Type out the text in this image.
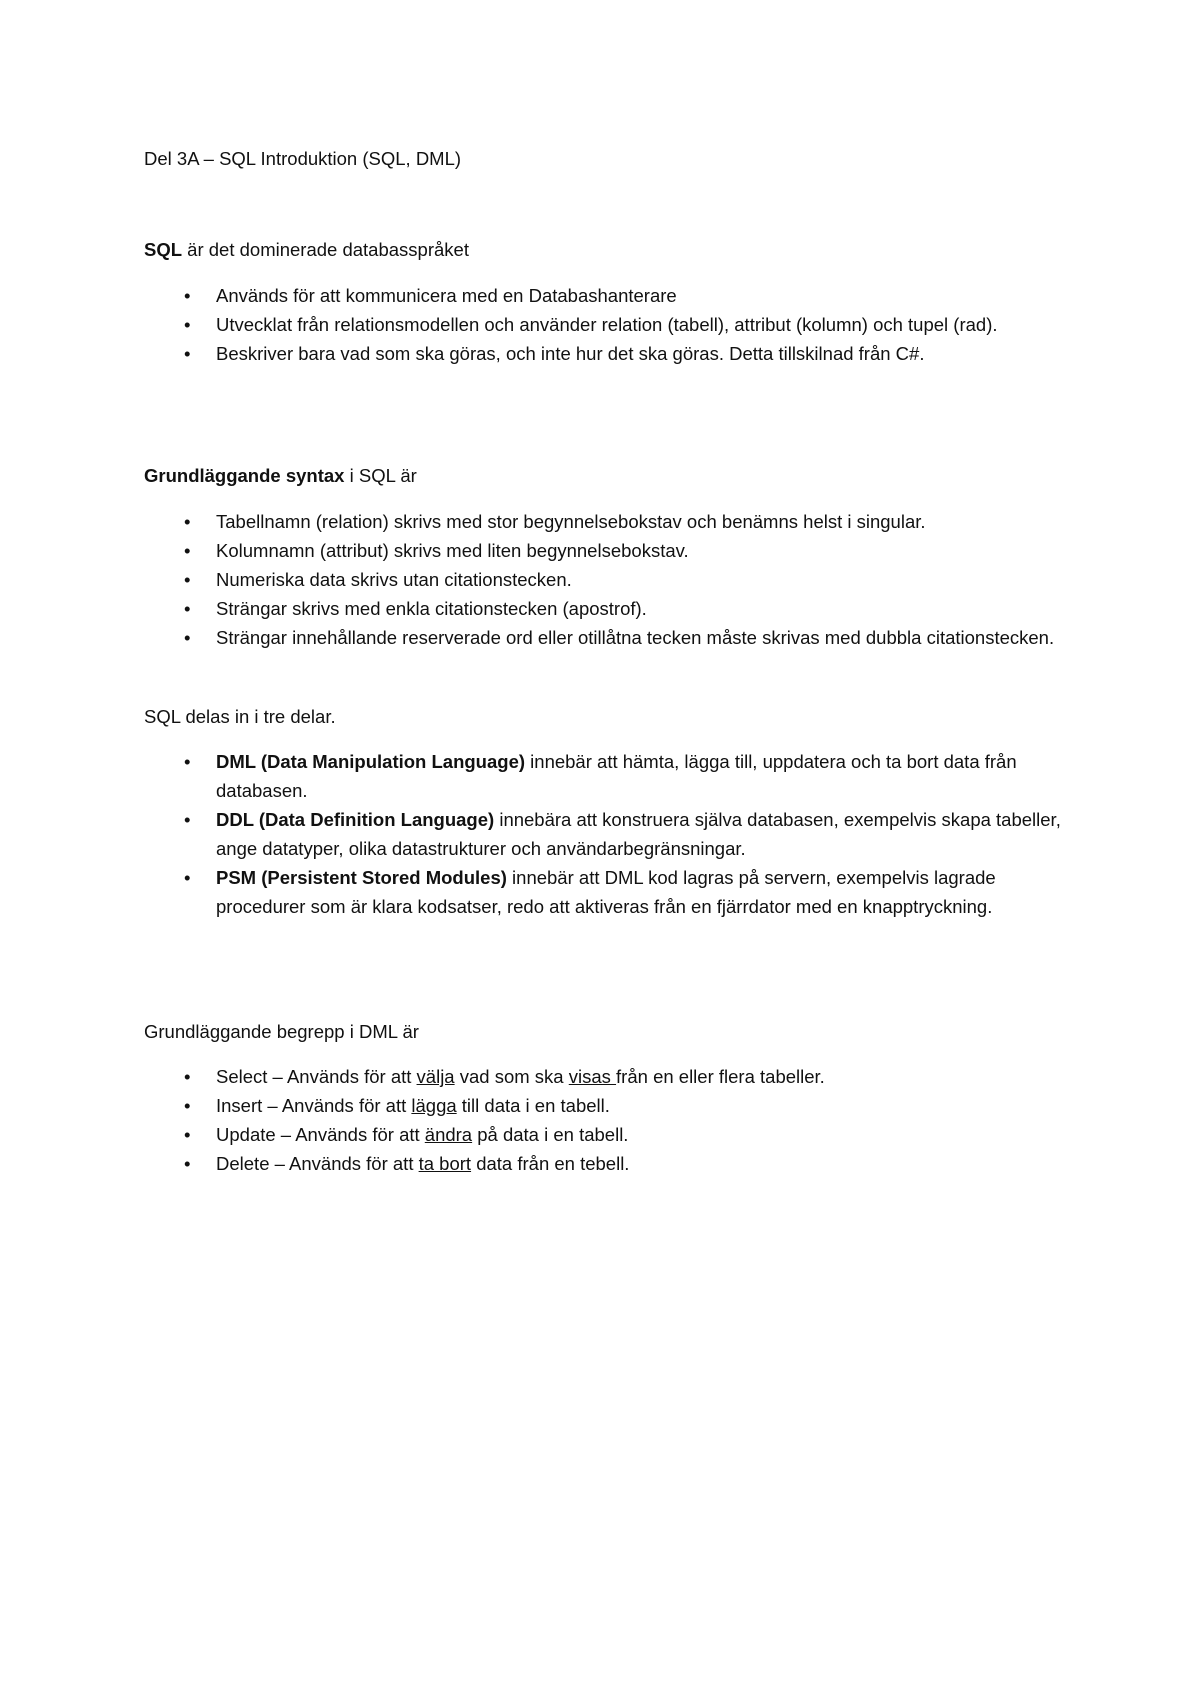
Del 3A – SQL Introduktion (SQL, DML)

SQL är det dominerade databasspråket

• Används för att kommunicera med en Databashanterare
• Utvecklat från relationsmodellen och använder relation (tabell), attribut (kolumn) och tupel (rad).
• Beskriver bara vad som ska göras, och inte hur det ska göras. Detta tillskilnad från C#.

Grundläggande syntax i SQL är

• Tabellnamn (relation) skrivs med stor begynnelsebokstav och benämns helst i singular.
• Kolumnamn (attribut) skrivs med liten begynnelsebokstav.
• Numeriska data skrivs utan citationstecken.
• Strängar skrivs med enkla citationstecken (apostrof).
• Strängar innehållande reserverade ord eller otillåtna tecken måste skrivas med dubbla citationstecken.

SQL delas in i tre delar.

• DML (Data Manipulation Language) innebär att hämta, lägga till, uppdatera och ta bort data från databasen.
• DDL (Data Definition Language) innebära att konstruera själva databasen, exempelvis skapa tabeller, ange datatyper, olika datastrukturer och användarbegränsningar.
• PSM (Persistent Stored Modules) innebär att DML kod lagras på servern, exempelvis lagrade procedurer som är klara kodsatser, redo att aktiveras från en fjärrdator med en knapptryckning.

Grundläggande begrepp i DML är

• Select – Används för att välja vad som ska visas från en eller flera tabeller.
• Insert – Används för att lägga till data i en tabell.
• Update – Används för att ändra på data i en tabell.
• Delete – Används för att ta bort data från en tebell.
